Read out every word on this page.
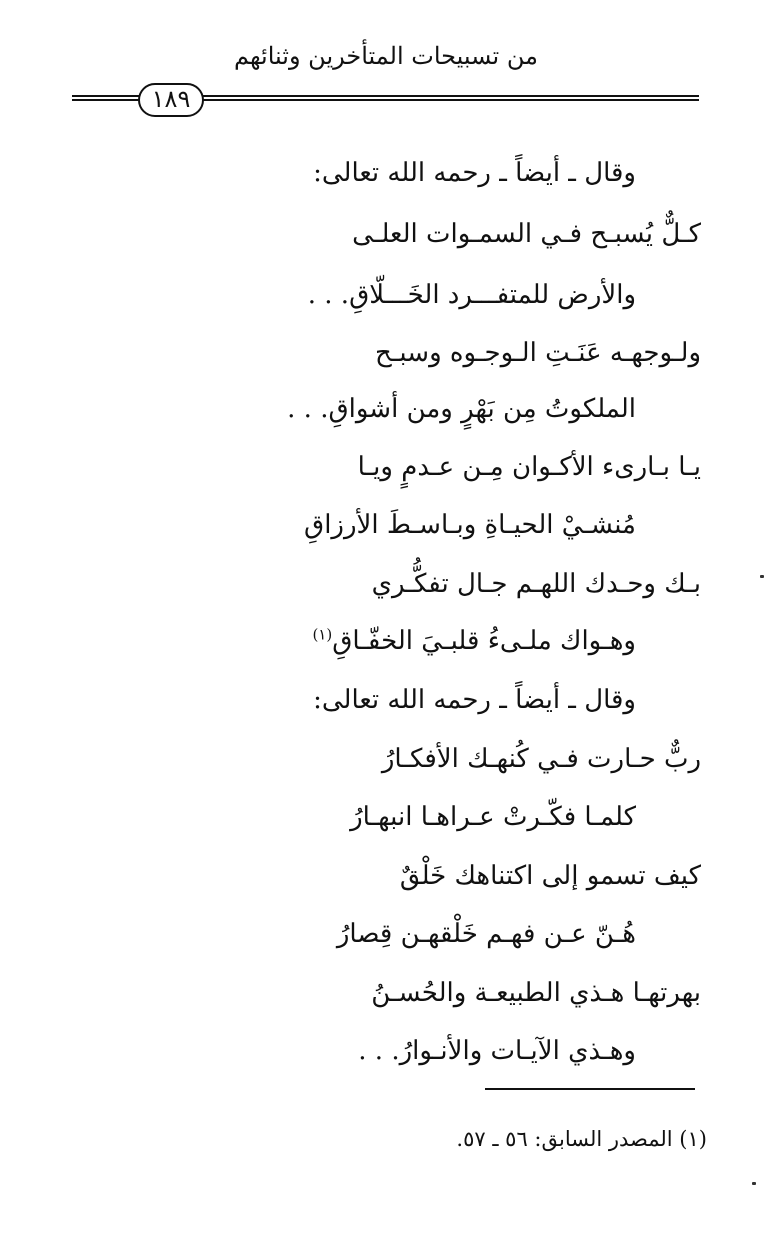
من تسبيحات المتأخرين وثنائهم
١٨٩
وقال ـ أيضاً ـ رحمه الله تعالى:
كـلٌّ يُسبـح فـي السمـوات العلـى
والأرض للمتفـــرد الخَـــلّاقِ. . .
ولـوجهـه عَنَـتِ الـوجـوه وسبـح
الملكوتُ مِن بَهْرٍ ومن أشواقِ. . .
يـا بـارىء الأكـوان مِـن عـدمٍ ويـا
مُنشـيْ الحيـاةِ وبـاسـطَ الأرزاقِ
بـك وحـدك اللهـم جـال تفكُّـري
وهـواك ملـىءُ قلبـيَ الخفّـاقِ$^{(١)}$
وقال ـ أيضاً ـ رحمه الله تعالى:
ربٌّ حـارت فـي كُنهـك الأفكـارُ
كلمـا فكّـرتْ عـراهـا انبهـارُ
كيف تسمو إلى اكتناهك خَلْقٌ
هُـنّ عـن فهـم خَلْقهـن قِصارُ
بهرتهـا هـذي الطبيعـة والحُسـنُ
وهـذي الآيـات والأنـوارُ. . .
(١) المصدر السابق: ٥٦ ـ ٥٧.
